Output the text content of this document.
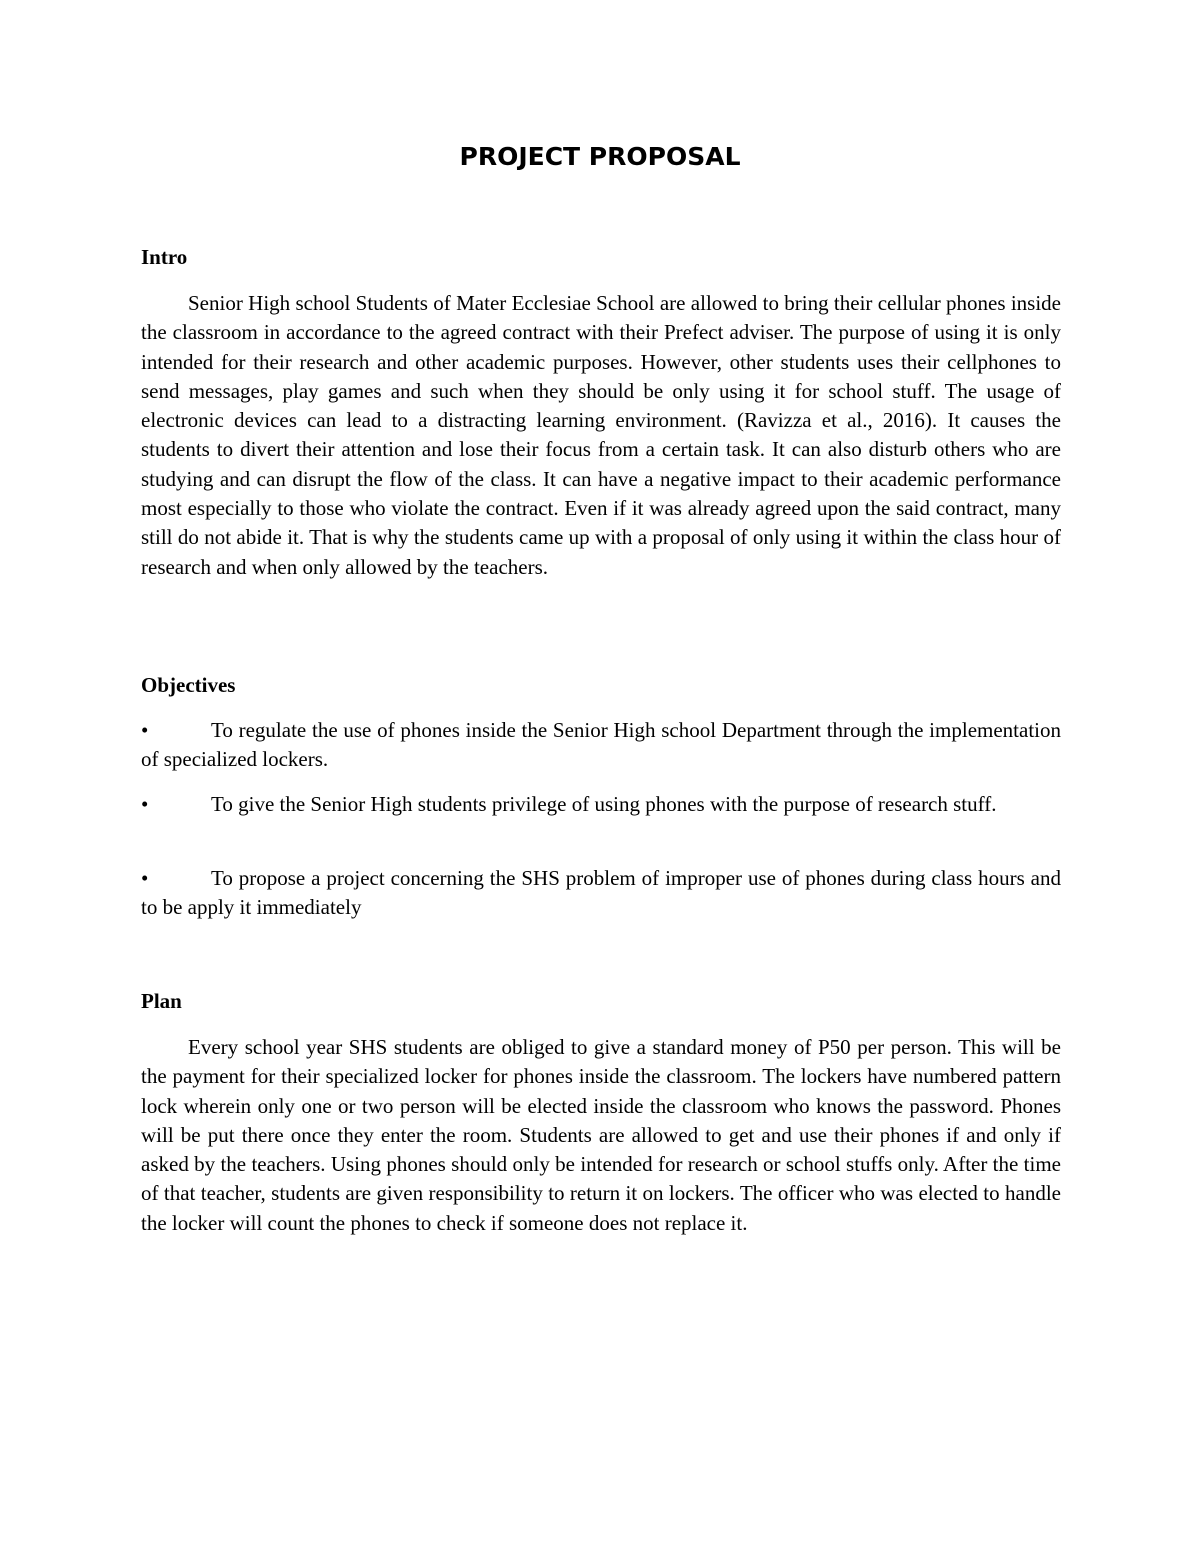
PROJECT PROPOSAL
Intro

Senior High school Students of Mater Ecclesiae School are allowed to bring their cellular phones inside the classroom in accordance to the agreed contract with their Prefect adviser. The purpose of using it is only intended for their research and other academic purposes. However, other students uses their cellphones to send messages, play games and such when they should be only using it for school stuff. The usage of electronic devices can lead to a distracting learning environment. (Ravizza et al., 2016). It causes the students to divert their attention and lose their focus from a certain task. It can also disturb others who are studying and can disrupt the flow of the class. It can have a negative impact to their academic performance most especially to those who violate the contract. Even if it was already agreed upon the said contract, many still do not abide it. That is why the students came up with a proposal of only using it within the class hour of research and when only allowed by the teachers.

Objectives

•	To regulate the use of phones inside the Senior High school Department through the implementation of specialized lockers.

•	To give the Senior High students privilege of using phones with the purpose of research stuff.

•	To propose a project concerning the SHS problem of improper use of phones during class hours and to be apply it immediately

Plan

Every school year SHS students are obliged to give a standard money of P50 per person. This will be the payment for their specialized locker for phones inside the classroom. The lockers have numbered pattern lock wherein only one or two person will be elected inside the classroom who knows the password. Phones will be put there once they enter the room. Students are allowed to get and use their phones if and only if asked by the teachers. Using phones should only be intended for research or school stuffs only. After the time of that teacher, students are given responsibility to return it on lockers. The officer who was elected to handle the locker will count the phones to check if someone does not replace it.
